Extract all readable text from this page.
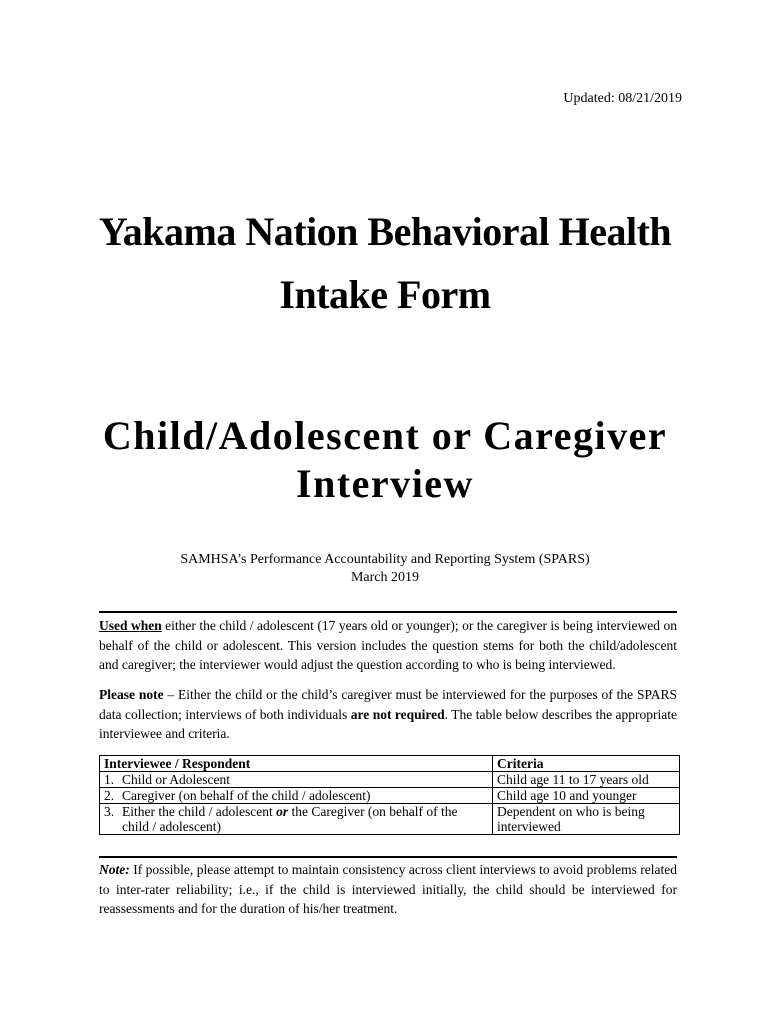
Updated: 08/21/2019
Yakama Nation Behavioral Health
Intake Form
Child/Adolescent or Caregiver
Interview
SAMHSA’s Performance Accountability and Reporting System (SPARS)
March 2019
Used when either the child / adolescent (17 years old or younger); or the caregiver is being interviewed on behalf of the child or adolescent. This version includes the question stems for both the child/adolescent and caregiver; the interviewer would adjust the question according to who is being interviewed.
Please note – Either the child or the child’s caregiver must be interviewed for the purposes of the SPARS data collection; interviews of both individuals are not required. The table below describes the appropriate interviewee and criteria.
Interviewee / Respondent	Criteria
1. Child or Adolescent	Child age 11 to 17 years old
2. Caregiver (on behalf of the child / adolescent)	Child age 10 and younger
3. Either the child / adolescent or the Caregiver (on behalf of the
child / adolescent)	Dependent on who is being
interviewed
Note: If possible, please attempt to maintain consistency across client interviews to avoid problems related to inter-rater reliability; i.e., if the child is interviewed initially, the child should be interviewed for reassessments and for the duration of his/her treatment.
